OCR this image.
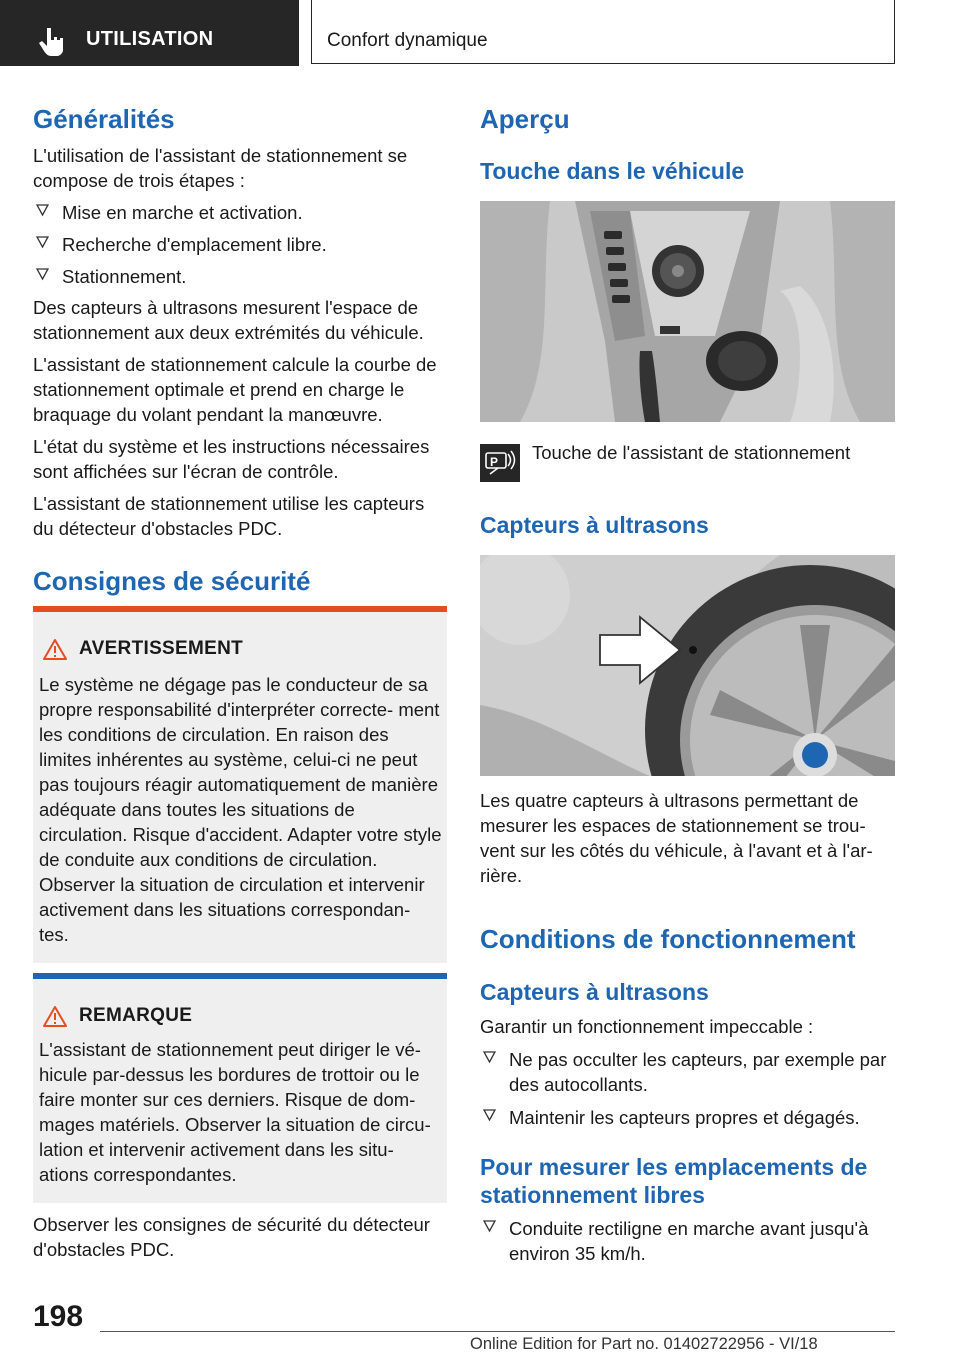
UTILISATION	Confort dynamique
Généralités
L'utilisation de l'assistant de stationnement se compose de trois étapes :
Mise en marche et activation.
Recherche d'emplacement libre.
Stationnement.
Des capteurs à ultrasons mesurent l'espace de stationnement aux deux extrémités du véhicule.
L'assistant de stationnement calcule la courbe de stationnement optimale et prend en charge le braquage du volant pendant la manœuvre.
L'état du système et les instructions nécessaires sont affichées sur l'écran de contrôle.
L'assistant de stationnement utilise les capteurs du détecteur d'obstacles PDC.
Consignes de sécurité
AVERTISSEMENT
Le système ne dégage pas le conducteur de sa propre responsabilité d'interpréter correcte- ment les conditions de circulation. En raison des limites inhérentes au système, celui-ci ne peut pas toujours réagir automatiquement de manière adéquate dans toutes les situations de circulation. Risque d'accident. Adapter votre style de conduite aux conditions de circulation. Observer la situation de circulation et intervenir activement dans les situations correspondan- tes.
REMARQUE
L'assistant de stationnement peut diriger le vé- hicule par-dessus les bordures de trottoir ou le faire monter sur ces derniers. Risque de dom- mages matériels. Observer la situation de circu- lation et intervenir activement dans les situ- ations correspondantes.
Observer les consignes de sécurité du détecteur d'obstacles PDC.
Aperçu
Touche dans le véhicule
P Touche de l'assistant de stationnement
Capteurs à ultrasons
Les quatre capteurs à ultrasons permettant de mesurer les espaces de stationnement se trou- vent sur les côtés du véhicule, à l'avant et à l'ar- rière.
Conditions de fonctionnement
Capteurs à ultrasons
Garantir un fonctionnement impeccable :
Ne pas occulter les capteurs, par exemple par des autocollants.
Maintenir les capteurs propres et dégagés.
Pour mesurer les emplacements de stationnement libres
Conduite rectiligne en marche avant jusqu'à environ 35 km/h.
198
Online Edition for Part no. 01402722956 - VI/18
